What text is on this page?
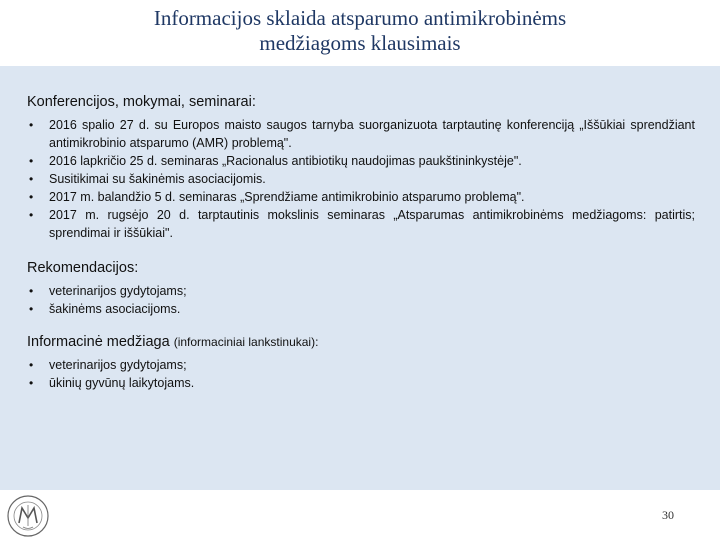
Informacijos sklaida atsparumo antimikrobinėms
medžiagoms klausimais
Konferencijos, mokymai, seminarai:
• 2016 spalio 27 d. su Europos maisto saugos tarnyba suorganizuota tarptautinę konferenciją „Iššūkiai sprendžiant antimikrobinio atsparumo (AMR) problemą".
• 2016 lapkričio 25 d. seminaras „Racionalus antibiotikų naudojimas paukštininkystėje".
• Susitikimai su šakinėmis asociacijomis.
• 2017 m. balandžio 5 d. seminaras „Sprendžiame antimikrobinio atsparumo problemą".
• 2017 m. rugsėjo 20 d. tarptautinis mokslinis seminaras „Atsparumas antimikrobinėms medžiagoms: patirtis; sprendimai ir iššūkiai".
Rekomendacijos:
• veterinarijos gydytojams;
• šakinėms asociacijoms.
Informacinė medžiaga (informaciniai lankstinukai):
• veterinarijos gydytojams;
• ūkinių gyvūnų laikytojams.
30
